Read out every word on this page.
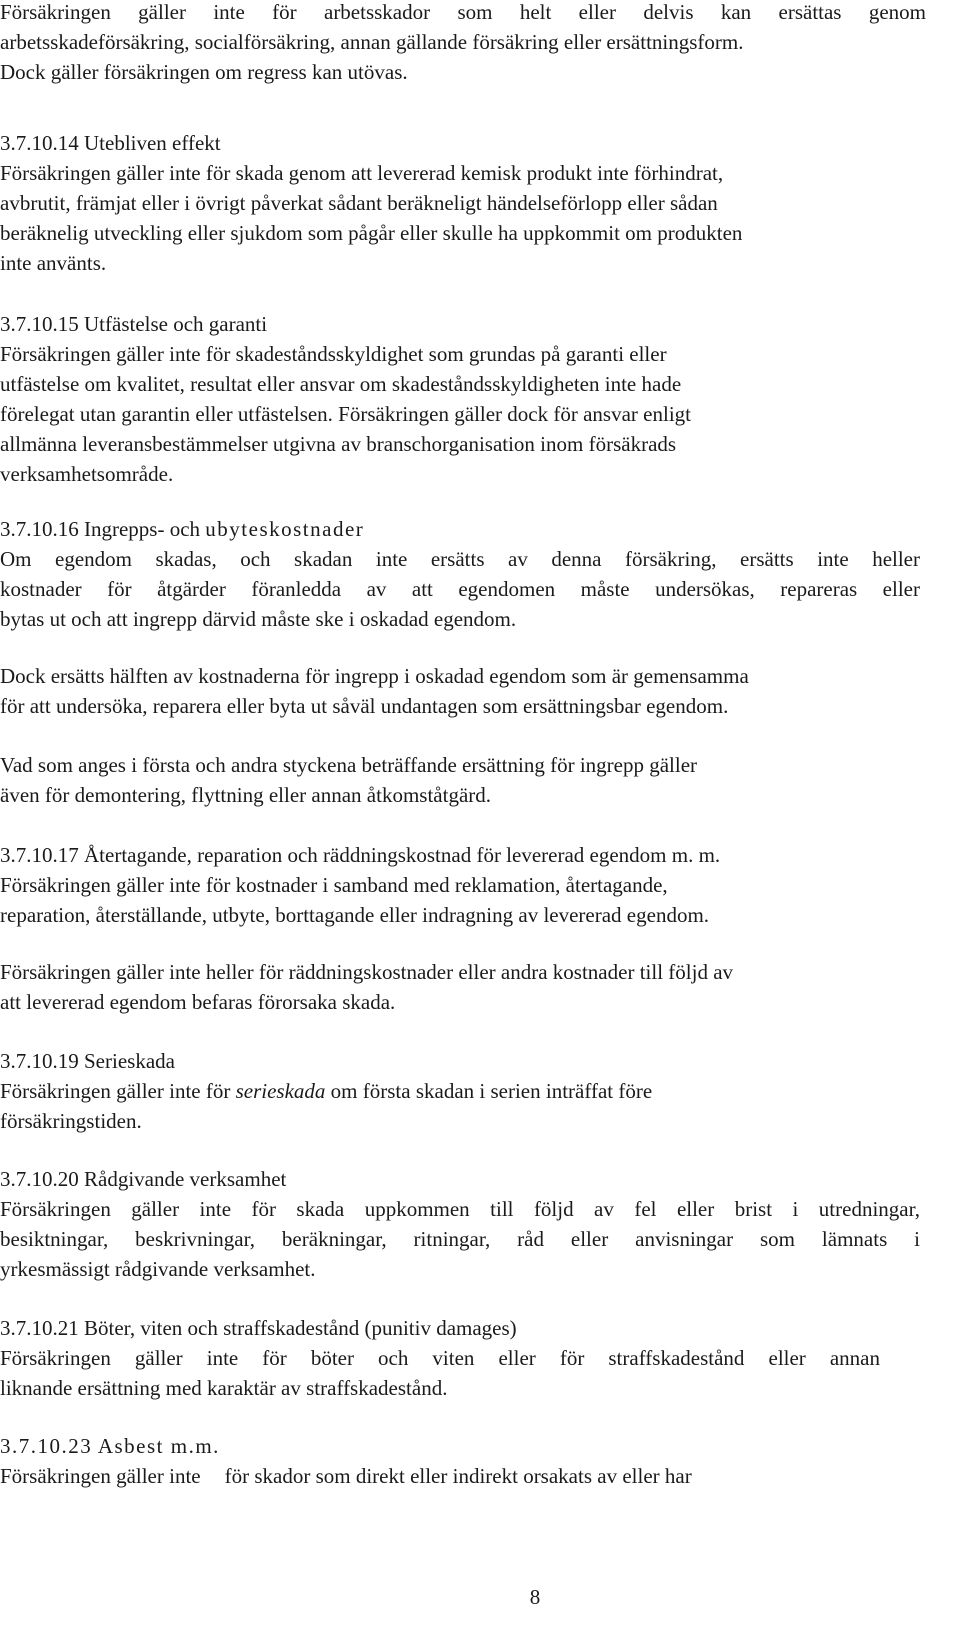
Försäkringen gäller inte för arbetsskador som helt eller delvis kan ersättas genom
arbetsskadeförsäkring, socialförsäkring, annan gällande försäkring eller ersättningsform.
Dock gäller försäkringen om regress kan utövas.
3.7.10.14 Utebliven effekt
Försäkringen gäller inte för skada genom att levererad kemisk produkt inte förhindrat,
avbrutit, främjat eller i övrigt påverkat sådant beräkneligt händelseförlopp eller sådan
beräknelig utveckling eller sjukdom som pågår eller skulle ha uppkommit om produkten
inte använts.
3.7.10.15 Utfästelse och garanti
Försäkringen gäller inte för skadeståndsskyldighet som grundas på garanti eller
utfästelse om kvalitet, resultat eller ansvar om skadeståndsskyldigheten inte hade
förelegat utan garantin eller utfästelsen. Försäkringen gäller dock för ansvar enligt
allmänna leveransbestämmelser utgivna av branschorganisation inom försäkrads
verksamhetsområde.
3.7.10.16 Ingrepps- och ubyteskostnader
Om egendom skadas, och skadan inte ersätts av denna försäkring, ersätts inte heller
kostnader för åtgärder föranledda av att egendomen måste undersökas, repareras eller
bytas ut och att ingrepp därvid måste ske i oskadad egendom.
Dock ersätts hälften av kostnaderna för ingrepp i oskadad egendom som är gemensamma
för att undersöka, reparera eller byta ut såväl undantagen som ersättningsbar egendom.
Vad som anges i första och andra styckena beträffande ersättning för ingrepp gäller
även för demontering, flyttning eller annan åtkomståtgärd.
3.7.10.17 Återtagande, reparation och räddningskostnad för levererad egendom m. m.
Försäkringen gäller inte för kostnader i samband med reklamation, återtagande,
reparation, återställande, utbyte, borttagande eller indragning av levererad egendom.
Försäkringen gäller inte heller för räddningskostnader eller andra kostnader till följd av
att levererad egendom befaras förorsaka skada.
3.7.10.19 Serieskada
Försäkringen gäller inte för serieskada om första skadan i serien inträffat före
försäkringstiden.
3.7.10.20 Rådgivande verksamhet
Försäkringen gäller inte för skada uppkommen till följd av fel eller brist i utredningar,
besiktningar, beskrivningar, beräkningar, ritningar, råd eller anvisningar som lämnats i
yrkesmässigt rådgivande verksamhet.
3.7.10.21 Böter, viten och straffskadestånd (punitiv damages)
Försäkringen gäller inte för böter och viten eller för straffskadestånd eller annan
liknande ersättning med karaktär av straffskadestånd.
3.7.10.23 Asbest m.m.
Försäkringen gäller inte för skador som direkt eller indirekt orsakats av eller har
8
